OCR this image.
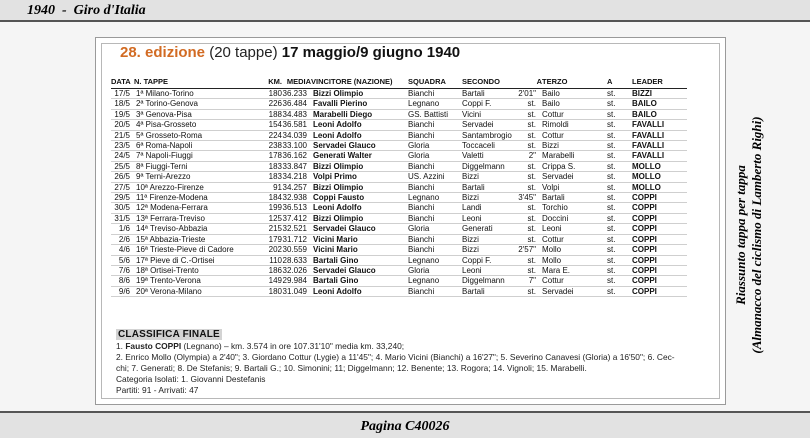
1940  -  Giro d'Italia
28. edizione (20 tappe) 17 maggio/9 giugno 1940
DATA	N. TAPPE	KM.	MEDIA	VINCITORE (NAZIONE)	SQUADRA	SECONDO	A	TERZO	A	LEADER
17/5	1ª Milano-Torino	180	36.233	Bizzi Olimpio	Bianchi	Bartali	2'01"	Bailo	st.	BIZZI
18/5	2ª Torino-Genova	226	36.484	Favalli Pierino	Legnano	Coppi F.	st.	Bailo	st.	BAILO
19/5	3ª Genova-Pisa	188	34.483	Marabelli Diego	GS. Battisti	Vicini	st.	Cottur	st.	BAILO
20/5	4ª Pisa-Grosseto	154	36.581	Leoni Adolfo	Bianchi	Servadei	st.	Rimoldi	st.	FAVALLI
21/5	5ª Grosseto-Roma	224	34.039	Leoni Adolfo	Bianchi	Santambrogio	st.	Cottur	st.	FAVALLI
23/5	6ª Roma-Napoli	238	33.100	Servadei Glauco	Gloria	Toccaceli	st.	Bizzi	st.	FAVALLI
24/5	7ª Napoli-Fiuggi	178	36.162	Generati Walter	Gloria	Valetti	2"	Marabelli	st.	FAVALLI
25/5	8ª Fiuggi-Terni	183	33.847	Bizzi Olimpio	Bianchi	Diggelmann	st.	Crippa S.	st.	MOLLO
26/5	9ª Terni-Arezzo	183	34.218	Volpi Primo	US. Azzini	Bizzi	st.	Servadei	st.	MOLLO
27/5	10ª Arezzo-Firenze	91	34.257	Bizzi Olimpio	Bianchi	Bartali	st.	Volpi	st.	MOLLO
29/5	11ª Firenze-Modena	184	32.938	Coppi Fausto	Legnano	Bizzi	3'45"	Bartali	st.	COPPI
30/5	12ª Modena-Ferrara	199	36.513	Leoni Adolfo	Bianchi	Landi	st.	Torchio	st.	COPPI
31/5	13ª Ferrara-Treviso	125	37.412	Bizzi Olimpio	Bianchi	Leoni	st.	Doccini	st.	COPPI
1/6	14ª Treviso-Abbazia	215	32.521	Servadei Glauco	Gloria	Generati	st.	Leoni	st.	COPPI
2/6	15ª Abbazia-Trieste	179	31.712	Vicini Mario	Bianchi	Bizzi	st.	Cottur	st.	COPPI
4/6	16ª Trieste-Pieve di Cadore	202	30.559	Vicini Mario	Bianchi	Bizzi	2'57"	Mollo	st.	COPPI
5/6	17ª Pieve di C.-Ortisei	110	28.633	Bartali Gino	Legnano	Coppi F.	st.	Mollo	st.	COPPI
7/6	18ª Ortisei-Trento	186	32.026	Servadei Glauco	Gloria	Leoni	st.	Mara E.	st.	COPPI
8/6	19ª Trento-Verona	149	29.984	Bartali Gino	Legnano	Diggelmann	7"	Cottur	st.	COPPI
9/6	20ª Verona-Milano	180	31.049	Leoni Adolfo	Bianchi	Bartali	st.	Servadei	st.	COPPI
CLASSIFICA FINALE
1. Fausto COPPI (Legnano) – km. 3.574 in ore 107.31'10" media km. 33,240;
2. Enrico Mollo (Olympia) a 2'40"; 3. Giordano Cottur (Lygie) a 11'45"; 4. Mario Vicini (Bianchi) a 16'27"; 5. Severino Canavesi (Gloria) a 16'50"; 6. Cec-
chi; 7. Generati; 8. De Stefanis; 9. Bartali G.; 10. Simonini; 11; Diggelmann; 12. Benente; 13. Rogora; 14. Vignoli; 15. Marabelli.
Categoria Isolati: 1. Giovanni Destefanis
Partiti: 91 - Arrivati: 47
Riassunto tappa per tappa (Almanacco del ciclismo di Lamberto Righi)
Pagina C40026
